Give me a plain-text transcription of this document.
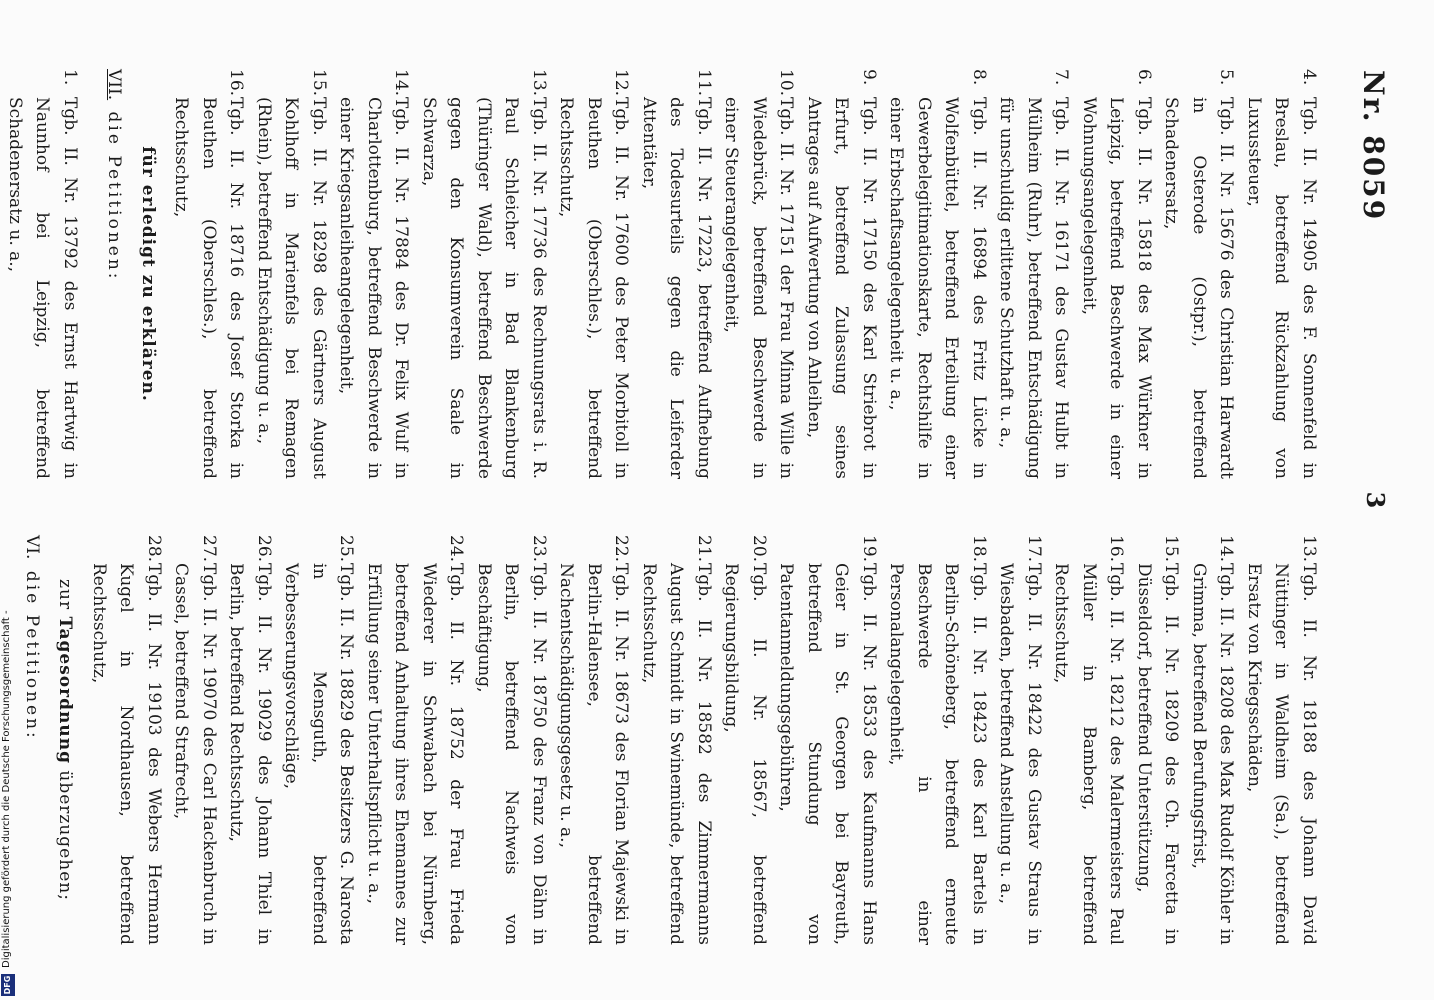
Nr. 8059
3

4.
Tgb. II. Nr. 14905 des F. Sonnenfeld in Breslau, betreffend Rückzahlung von Luxussteuer,

5.
Tgb. II. Nr. 15676 des Christian Harwardt in Osterode (Ostpr.), betreffend Schadenersatz,

6.
Tgb. II. Nr. 15818 des Max Würkner in Leipzig, betreffend Beschwerde in einer Wohnungsangelegenheit,

7.
Tgb. II. Nr. 16171 des Gustav Hulbt in Mülheim (Ruhr), betreffend Entschädigung für unschuldig erlittene Schutzhaft u. a.,

8.
Tgb. II. Nr. 16894 des Fritz Lücke in Wolfenbüttel, betreffend Erteilung einer Gewerbelegitimationskarte, Rechtshilfe in einer Erbschaftsangelegenheit u. a.,

9.
Tgb. II. Nr. 17150 des Karl Striebrot in Erfurt, betreffend Zulassung seines Antrages auf Aufwertung von Anleihen,

10.
Tgb. II. Nr. 17151 der Frau Minna Wille in Wiedebrück, betreffend Beschwerde in einer Steuerangelegenheit,

11.
Tgb. II. Nr. 17223, betreffend Aufhebung des Todesurteils gegen die Leiferder Attentäter,

12.
Tgb. II. Nr. 17600 des Peter Morbitoll in Beuthen (Oberschles.), betreffend Rechtsschutz,

13.
Tgb. II. Nr. 17736 des Rechnungsrats i. R. Paul Schleicher in Bad Blankenburg (Thüringer Wald), betreffend Beschwerde gegen den Konsumverein Saale in Schwarza,

14.
Tgb. II. Nr. 17884 des Dr. Felix Wulf in Charlottenburg, betreffend Beschwerde in einer Kriegsanleiheangelegenheit,

15.
Tgb. II. Nr. 18298 des Gärtners August Kohlhoff in Marienfels bei Remagen (Rhein), betreffend Entschädigung u. a.,

16.
Tgb. II. Nr. 18716 des Josef Storka in Beuthen (Oberschles.), betreffend Rechtsschutz,

für erledigt zu erklären.

VII. die Petitionen:

1.
Tgb. II. Nr. 13792 des Ernst Hartwig in Naunhof bei Leipzig, betreffend Schadenersatz u. a.,

13.
Tgb. II. Nr. 18188 des Johann David Nüttinger in Waldheim (Sa.), betreffend Ersatz von Kriegsschäden,

14.
Tgb. II. Nr. 18208 des Max Rudolf Köhler in Grimma, betreffend Berufungsfrist,

15.
Tgb. II. Nr. 18209 des Ch. Farcetta in Düsseldorf, betreffend Unterstützung,

16.
Tgb. II. Nr. 18212 des Malermeisters Paul Müller in Bamberg, betreffend Rechtsschutz,

17.
Tgb. II. Nr. 18422 des Gustav Straus in Wiesbaden, betreffend Anstellung u. a.,

18.
Tgb. II. Nr. 18423 des Karl Bartels in Berlin-Schöneberg, betreffend erneute Beschwerde in einer Personalangelegenheit,

19.
Tgb. II. Nr. 18533 des Kaufmanns Hans Geier in St. Georgen bei Bayreuth, betreffend Stundung von Patentanmeldungsgebühren,

20.
Tgb. II. Nr. 18567, betreffend Regierungsbildung,

21.
Tgb. II. Nr. 18582 des Zimmermanns August Schmidt in Swinemünde, betreffend Rechtsschutz,

22.
Tgb. II. Nr. 18673 des Florian Majewski in Berlin-Halensee, betreffend Nachentschädigungsgesetz u. a.,

23.
Tgb. II. Nr. 18750 des Franz von Dähn in Berlin, betreffend Nachweis von Beschäftigung,

24.
Tgb. II. Nr. 18752 der Frau Frieda Wiederer in Schwabach bei Nürnberg, betreffend Anhaltung ihres Ehemannes zur Erfüllung seiner Unterhaltspflicht u. a.,

25.
Tgb. II. Nr. 18829 des Besitzers G. Narosta in Mensguth, betreffend Verbesserungsvorschläge,

26.
Tgb. II. Nr. 19029 des Johann Thiel in Berlin, betreffend Rechtsschutz,

27.
Tgb. II. Nr. 19070 des Carl Hackenbruch in Cassel, betreffend Strafrecht,

28.
Tgb. II. Nr. 19103 des Webers Hermann Kugel in Nordhausen, betreffend Rechtsschutz,

zur Tagesordnung überzugehen;

VI. die Petitionen:

DFG
Digitalisierung gefördert durch die Deutsche Forschungsgemeinschaft -
